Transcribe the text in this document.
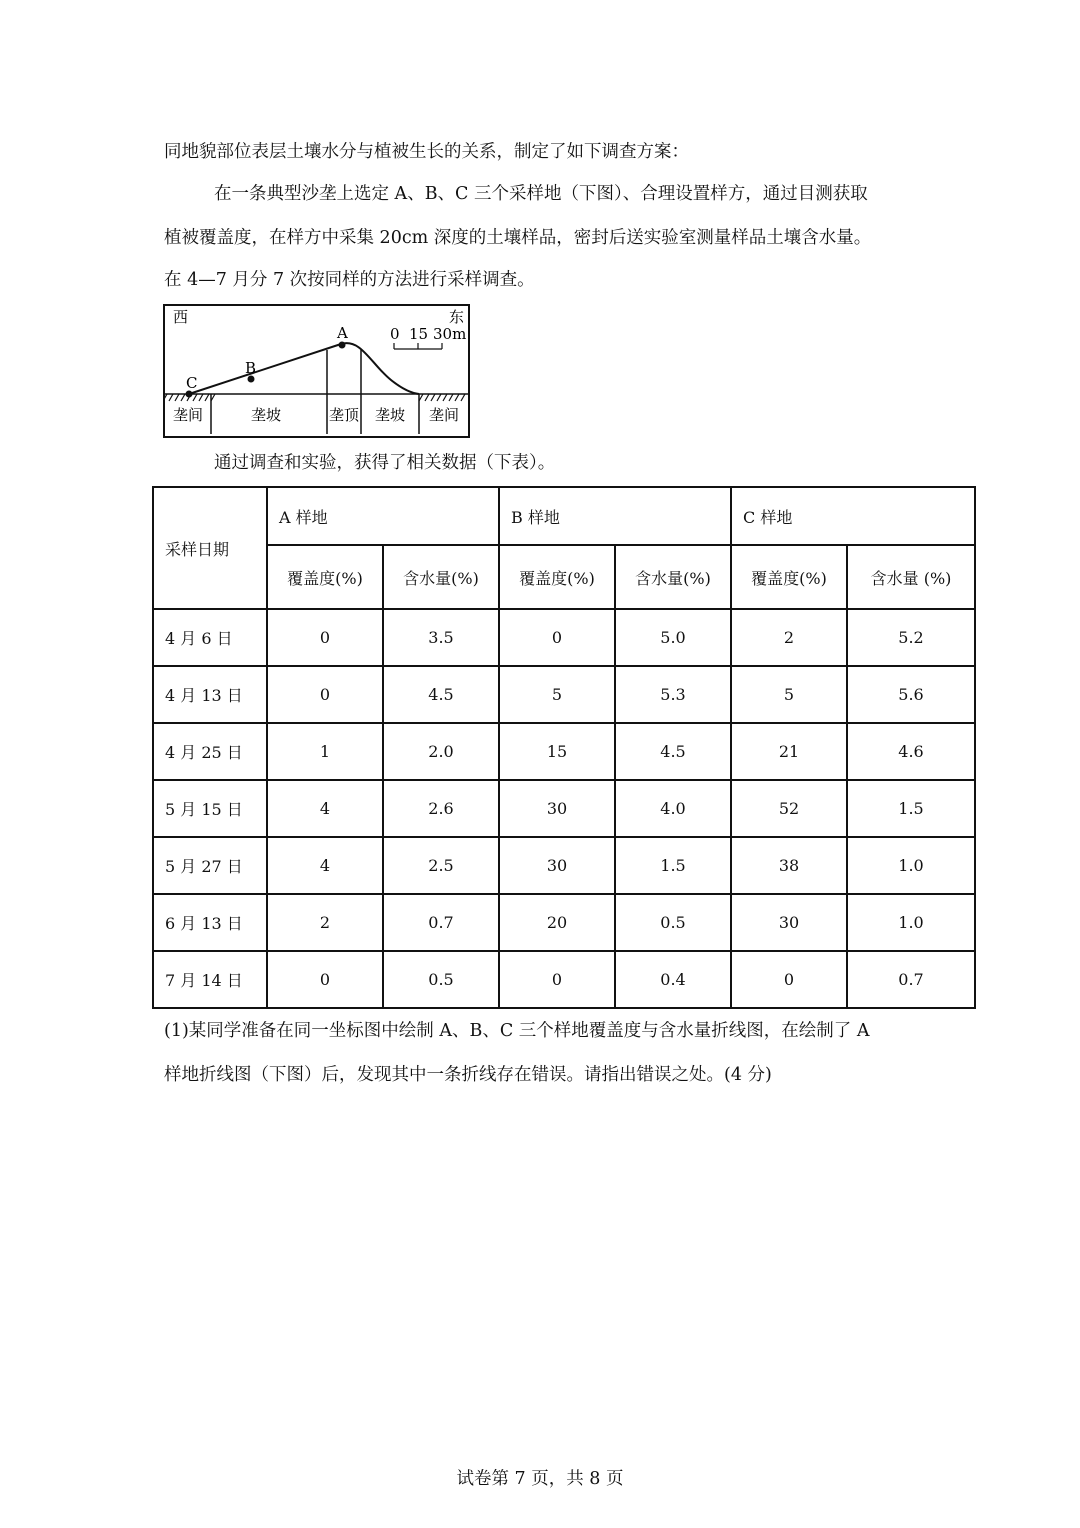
同地貌部位表层土壤水分与植被生长的关系，制定了如下调查方案：
在一条典型沙垄上选定 A、B、C 三个采样地（下图）、合理设置样方，通过目测获取
植被覆盖度，在样方中采集 20cm 深度的土壤样品，密封后送实验室测量样品土壤含水量。
在 4—7 月分 7 次按同样的方法进行采样调查。
西	东
A
B
C
0 15 30m
垄间	垄坡	垄顶 垄坡 垄间
通过调查和实验，获得了相关数据（下表）。
采样日期	A 样地		B 样地		C 样地	
	覆盖度(%)	含水量(%)	覆盖度(%)	含水量(%)	覆盖度(%)	含水量 (%)
4 月 6 日	0	3.5	0	5.0	2	5.2
4 月 13 日	0	4.5	5	5.3	5	5.6
4 月 25 日	1	2.0	15	4.5	21	4.6
5 月 15 日	4	2.6	30	4.0	52	1.5
5 月 27 日	4	2.5	30	1.5	38	1.0
6 月 13 日	2	0.7	20	0.5	30	1.0
7 月 14 日	0	0.5	0	0.4	0	0.7
(1)某同学准备在同一坐标图中绘制 A、B、C 三个样地覆盖度与含水量折线图，在绘制了 A
样地折线图（下图）后，发现其中一条折线存在错误。请指出错误之处。(4 分)
试卷第 7 页，共 8 页
